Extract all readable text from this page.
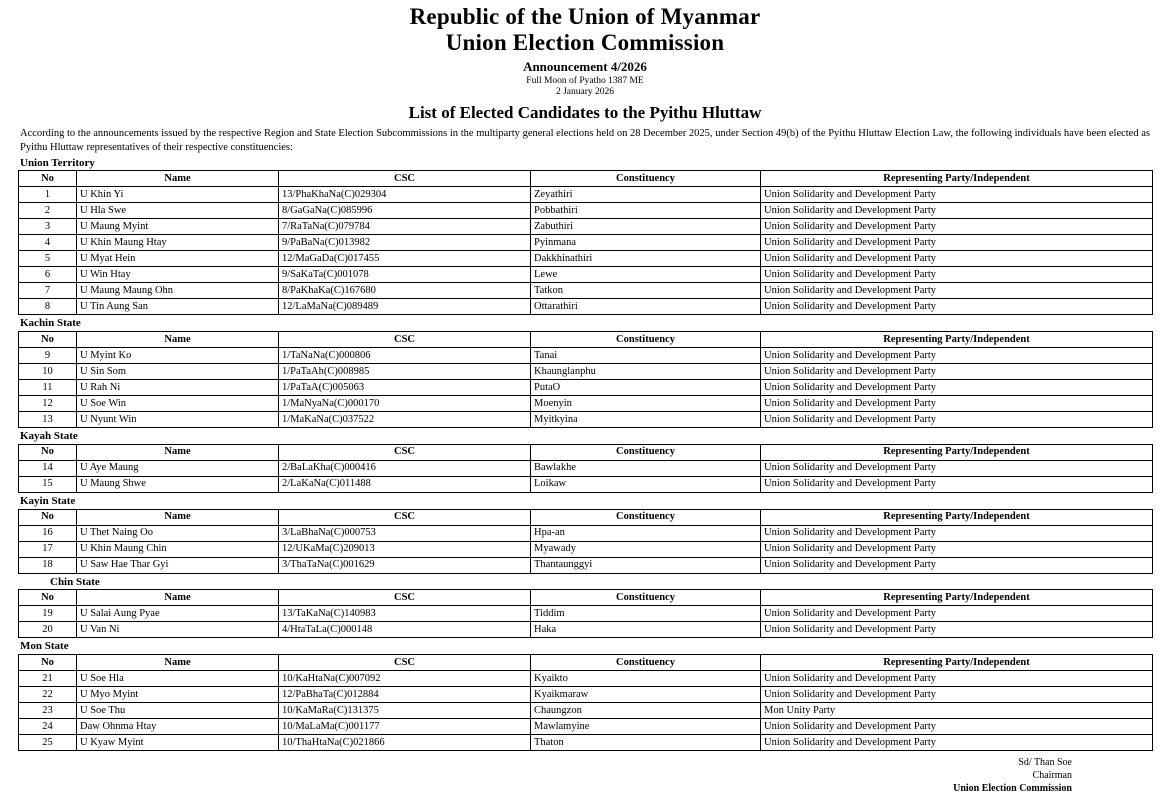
Republic of the Union of Myanmar
Union Election Commission
Announcement 4/2026
Full Moon of Pyatho 1387 ME
2 January 2026
List of Elected Candidates to the Pyithu Hluttaw
According to the announcements issued by the respective Region and State Election Subcommissions in the multiparty general elections held on 28 December 2025, under Section 49(b) of the Pyithu Hluttaw Election Law, the following individuals have been elected as Pyithu Hluttaw representatives of their respective constituencies:
Union Territory
No	Name	CSC	Constituency	Representing Party/Independent
1	U Khin Yi	13/PhaKhaNa(C)029304	Zeyathiri	Union Solidarity and Development Party
2	U Hla Swe	8/GaGaNa(C)085996	Pobbathiri	Union Solidarity and Development Party
3	U Maung Myint	7/RaTaNa(C)079784	Zabuthiri	Union Solidarity and Development Party
4	U Khin Maung Htay	9/PaBaNa(C)013982	Pyinmana	Union Solidarity and Development Party
5	U Myat Hein	12/MaGaDa(C)017455	Dakkhinathiri	Union Solidarity and Development Party
6	U Win Htay	9/SaKaTa(C)001078	Lewe	Union Solidarity and Development Party
7	U Maung Maung Ohn	8/PaKhaKa(C)167680	Tatkon	Union Solidarity and Development Party
8	U Tin Aung San	12/LaMaNa(C)089489	Ottarathiri	Union Solidarity and Development Party
Kachin State
No	Name	CSC	Constituency	Representing Party/Independent
9	U Myint Ko	1/TaNaNa(C)000806	Tanai	Union Solidarity and Development Party
10	U Sin Som	1/PaTaAh(C)008985	Khaunglanphu	Union Solidarity and Development Party
11	U Rah Ni	1/PaTaA(C)005063	PutaO	Union Solidarity and Development Party
12	U Soe Win	1/MaNyaNa(C)000170	Moenyin	Union Solidarity and Development Party
13	U Nyunt Win	1/MaKaNa(C)037522	Myitkyina	Union Solidarity and Development Party
Kayah State
No	Name	CSC	Constituency	Representing Party/Independent
14	U Aye Maung	2/BaLaKha(C)000416	Bawlakhe	Union Solidarity and Development Party
15	U Maung Shwe	2/LaKaNa(C)011488	Loikaw	Union Solidarity and Development Party
Kayin State
No	Name	CSC	Constituency	Representing Party/Independent
16	U Thet Naing Oo	3/LaBhaNa(C)000753	Hpa-an	Union Solidarity and Development Party
17	U Khin Maung Chin	12/UKaMa(C)209013	Myawady	Union Solidarity and Development Party
18	U Saw Hae Thar Gyi	3/ThaTaNa(C)001629	Thantaunggyi	Union Solidarity and Development Party
Chin State
No	Name	CSC	Constituency	Representing Party/Independent
19	U Salai Aung Pyae	13/TaKaNa(C)140983	Tiddim	Union Solidarity and Development Party
20	U Van Ni	4/HtaTaLa(C)000148	Haka	Union Solidarity and Development Party
Mon State
No	Name	CSC	Constituency	Representing Party/Independent
21	U Soe Hla	10/KaHtaNa(C)007092	Kyaikto	Union Solidarity and Development Party
22	U Myo Myint	12/PaBhaTa(C)012884	Kyaikmaraw	Union Solidarity and Development Party
23	U Soe Thu	10/KaMaRa(C)131375	Chaungzon	Mon Unity Party
24	Daw Ohnma Htay	10/MaLaMa(C)001177	Mawlamyine	Union Solidarity and Development Party
25	U Kyaw Myint	10/ThaHtaNa(C)021866	Thaton	Union Solidarity and Development Party
Sd/ Than Soe
Chairman
Union Election Commission
